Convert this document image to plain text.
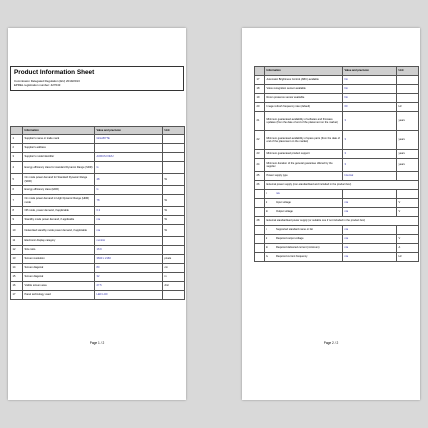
Product Information Sheet
Commission Delegated Regulation (EU) 2019/2013
EPREL registration number: 427043
	Information	Value and precision	Unit
1	Supplier's name or trade mark	GIGABYTE	
2	Supplier's address		
3	Supplier's model identifier	AORUS FI32U	
4	Energy efficiency class for standard Dynamic Range (SDR)	G	
5	On mode power demand for Standard Dynamic Range (SDR)	48	W
6	Energy efficiency class (HDR)	G	
7	On mode power demand in High Dynamic Range (HDR) mode	78	W
8	Off mode, power demand, if applicable	0.3	W
9	Standby mode power demand, if applicable	n/a	W
10	Networked standby mode power demand, if applicable	n/a	W
11	Electronic display category	monitor	
12	Size ratio	16:9	
13	Screen resolution	3840 x 2160	pixels
14	Screen diagonal	80	cm
15	Screen diagonal	32	in
16	Visible screen area	27.5	dm²
17	Panel technology used	LED LCD	
Page 1 / 2
	Information	Value and precision	Unit
17	Automatic Brightness Control (ABC) available	No	
18	Voice recognition sensor available	No	
19	Room presence sensor available	No	
20	Image refresh frequency rate (default)	60	Hz
21	Minimum guaranteed availability of software and firmware updates (from the date of end of the placement on the market)	3	years
22	Minimum guaranteed availability of spare parts (from the date of end of the placement on the market)	3	years
23	Minimum guaranteed product support	3	years
24	Minimum duration of the general guarantee offered by the supplier	3	years
25	Power supply type	Internal	
26	External power supply (non-standardised and included in the product box)		
	i n/a		
	ii Input voltage	n/a	V
	iii Output voltage	n/a	V
28	External standardised power supply (or suitable one if not included in the product box)		
	i Supported standard name or list	n/a	
	ii Required output voltage	n/a	V
	iii Required delivered current (minimum)	n/a	A
	iv Required current frequency	n/a	Hz
Page 2 / 2
